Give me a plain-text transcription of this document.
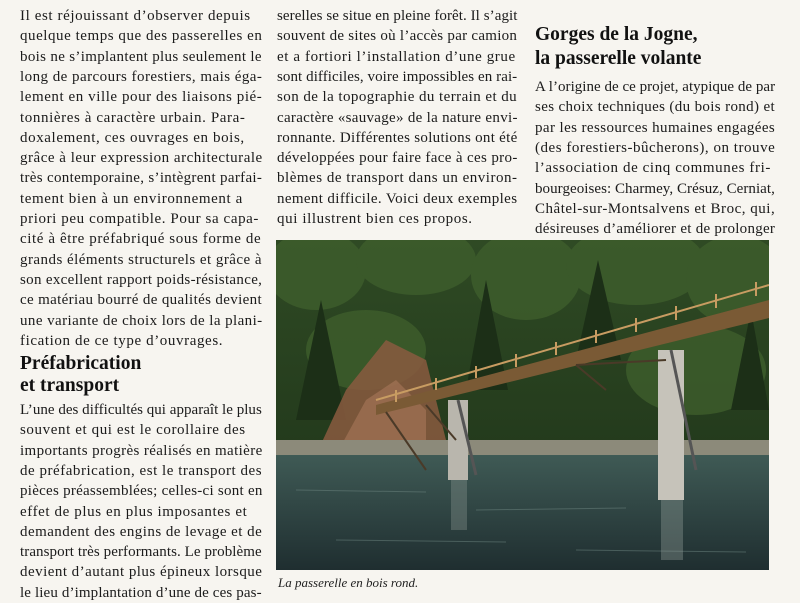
Il est réjouissant d’observer depuis
quelque temps que des passerelles en
bois ne s’implantent plus seulement le
long de parcours forestiers, mais éga-
lement en ville pour des liaisons pié-
tonnières à caractère urbain. Para-
doxalement, ces ouvrages en bois,
grâce à leur expression architecturale
très contemporaine, s’intègrent parfai-
tement bien à un environnement a
priori peu compatible. Pour sa capa-
cité à être préfabriqué sous forme de
grands éléments structurels et grâce à
son excellent rapport poids-résistance,
ce matériau bourré de qualités devient
une variante de choix lors de la plani-
fication de ce type d’ouvrages.
Préfabrication
et transport
L’une des difficultés qui apparaît le plus
souvent et qui est le corollaire des
importants progrès réalisés en matière
de préfabrication, est le transport des
pièces préassemblées; celles-ci sont en
effet de plus en plus imposantes et
demandent des engins de levage et de
transport très performants. Le problème
devient d’autant plus épineux lorsque
le lieu d’implantation d’une de ces pas-
serelles se situe en pleine forêt. Il s’agit
souvent de sites où l’accès par camion
et a fortiori l’installation d’une grue
sont difficiles, voire impossibles en rai-
son de la topographie du terrain et du
caractère «sauvage» de la nature envi-
ronnante. Différentes solutions ont été
développées pour faire face à ces pro-
blèmes de transport dans un environ-
nement difficile. Voici deux exemples
qui illustrent bien ces propos.
Gorges de la Jogne,
la passerelle volante
A l’origine de ce projet, atypique de par
ses choix techniques (du bois rond) et
par les ressources humaines engagées
(des forestiers-bûcherons), on trouve
l’association de cinq communes fri-
bourgeoises: Charmey, Crésuz, Cerniat,
Châtel-sur-Montsalvens et Broc, qui,
désireuses d’améliorer et de prolonger
La passerelle en bois rond.
